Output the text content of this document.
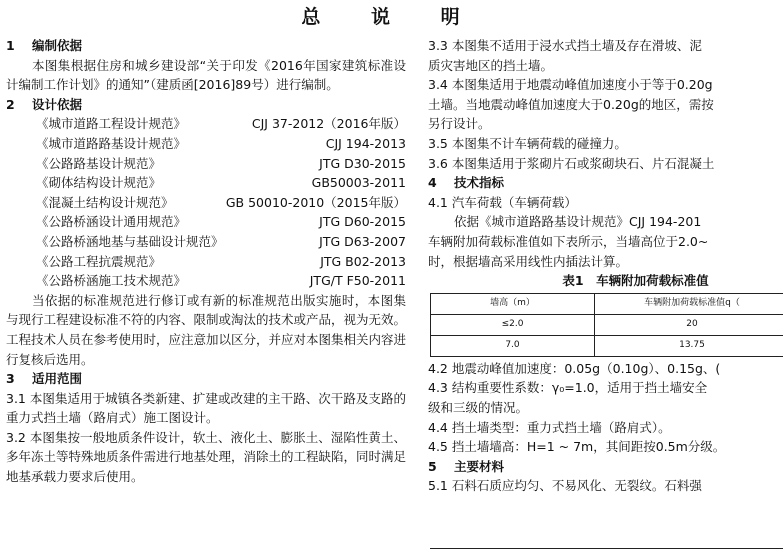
总 说 明
1 编制依据
本图集根据住房和城乡建设部“关于印发《2016年国家建筑标准设计编制工作计划》的通知”（建质函[2016]89号）进行编制。
2 设计依据
《城市道路工程设计规范》	CJJ 37-2012（2016年版）
《城市道路路基设计规范》	CJJ 194-2013
《公路路基设计规范》	JTG D30-2015
《砌体结构设计规范》	GB50003-2011
《混凝土结构设计规范》	GB 50010-2010（2015年版）
《公路桥涵设计通用规范》	JTG D60-2015
《公路桥涵地基与基础设计规范》	JTG D63-2007
《公路工程抗震规范》	JTG B02-2013
《公路桥涵施工技术规范》	JTG/T F50-2011
当依据的标准规范进行修订或有新的标准规范出版实施时，本图集与现行工程建设标准不符的内容、限制或淘汰的技术或产品，视为无效。工程技术人员在参考使用时，应注意加以区分，并应对本图集相关内容进行复核后选用。
3 适用范围
3.1 本图集适用于城镇各类新建、扩建或改建的主干路、次干路及支路的重力式挡土墙（路肩式）施工图设计。
3.2 本图集按一般地质条件设计，软土、液化土、膨胀土、湿陷性黄土、多年冻土等特殊地质条件需进行地基处理，消除土的工程缺陷，同时满足地基承载力要求后使用。
3.3 本图集不适用于浸水式挡土墙及存在滑坡、泥
质灾害地区的挡土墙。
3.4 本图集适用于地震动峰值加速度小于等于0.20g
土墙。当地震动峰值加速度大于0.20g的地区，需按
另行设计。
3.5 本图集不计车辆荷载的碰撞力。
3.6 本图集适用于浆砌片石或浆砌块石、片石混凝土
4 技术指标
4.1 汽车荷载（车辆荷载）
依据《城市道路路基设计规范》CJJ 194-201
车辆附加荷载标准值如下表所示，当墙高位于2.0~
时，根据墙高采用线性内插法计算。
表1　车辆附加荷载标准值
墙高（m）	车辆附加荷载标准值q（
≤2.0	20
7.0	13.75
4.2 地震动峰值加速度：0.05g（0.10g）、0.15g、(
4.3 结构重要性系数：γ₀=1.0，适用于挡土墙安全
级和三级的情况。
4.4 挡土墙类型：重力式挡土墙（路肩式）。
4.5 挡土墙墙高：H=1 ~ 7m，其间距按0.5m分级。
5 主要材料
5.1 石料石质应均匀、不易风化、无裂纹。石料强
